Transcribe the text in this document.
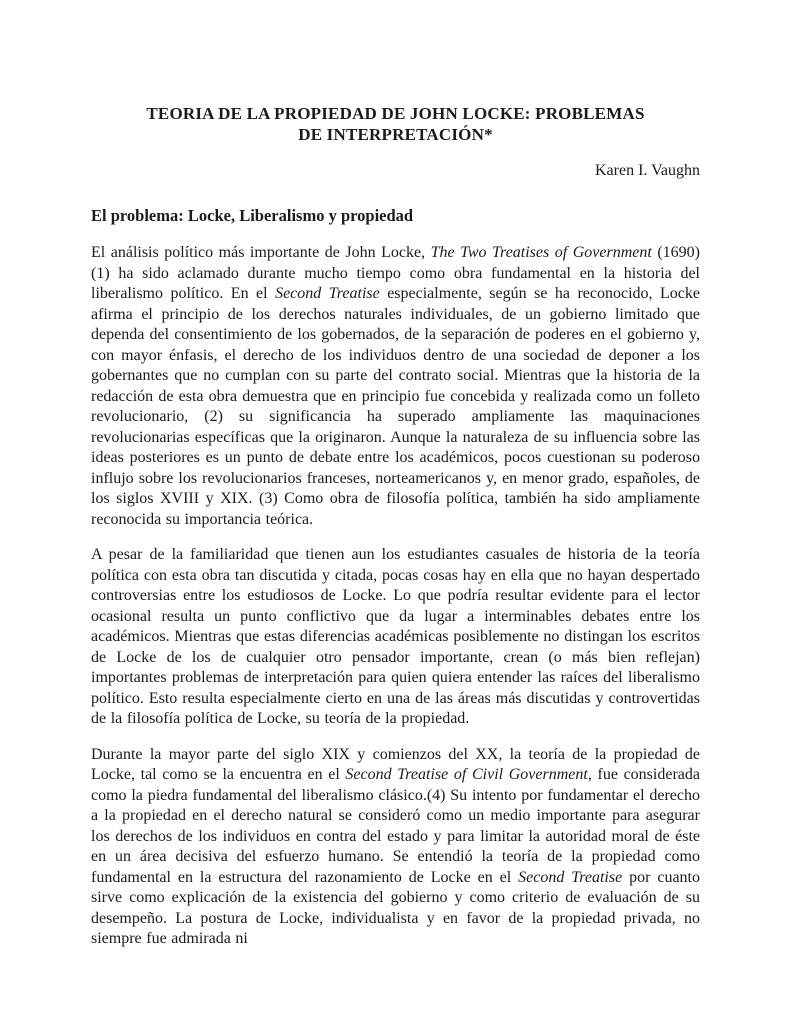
TEORIA DE LA PROPIEDAD DE JOHN LOCKE: PROBLEMAS
DE INTERPRETACIÓN*
Karen I. Vaughn
El problema: Locke, Liberalismo y propiedad

El análisis político más importante de John Locke, The Two Treatises of Government (1690) (1) ha sido aclamado durante mucho tiempo como obra fundamental en la historia del liberalismo político. En el Second Treatise especialmente, según se ha reconocido, Locke afirma el principio de los derechos naturales individuales, de un gobierno limitado que dependa del consentimiento de los gobernados, de la separación de poderes en el gobierno y, con mayor énfasis, el derecho de los individuos dentro de una sociedad de deponer a los gobernantes que no cumplan con su parte del contrato social. Mientras que la historia de la redacción de esta obra demuestra que en principio fue concebida y realizada como un folleto revolucionario, (2) su significancia ha superado ampliamente las maquinaciones revolucionarias específicas que la originaron. Aunque la naturaleza de su influencia sobre las ideas posteriores es un punto de debate entre los académicos, pocos cuestionan su poderoso influjo sobre los revolucionarios franceses, norteamericanos y, en menor grado, españoles, de los siglos XVIII y XIX. (3) Como obra de filosofía política, también ha sido ampliamente reconocida su importancia teórica.

A pesar de la familiaridad que tienen aun los estudiantes casuales de historia de la teoría política con esta obra tan discutida y citada, pocas cosas hay en ella que no hayan despertado controversias entre los estudiosos de Locke. Lo que podría resultar evidente para el lector ocasional resulta un punto conflictivo que da lugar a interminables debates entre los académicos. Mientras que estas diferencias académicas posiblemente no distingan los escritos de Locke de los de cualquier otro pensador importante, crean (o más bien reflejan) importantes problemas de interpretación para quien quiera entender las raíces del liberalismo político. Esto resulta especialmente cierto en una de las áreas más discutidas y controvertidas de la filosofía política de Locke, su teoría de la propiedad.

Durante la mayor parte del siglo XIX y comienzos del XX, la teoría de la propiedad de Locke, tal como se la encuentra en el Second Treatise of Civil Government, fue considerada como la piedra fundamental del liberalismo clásico.(4) Su intento por fundamentar el derecho a la propiedad en el derecho natural se consideró como un medio importante para asegurar los derechos de los individuos en contra del estado y para limitar la autoridad moral de éste en un área decisiva del esfuerzo humano. Se entendió la teoría de la propiedad como fundamental en la estructura del razonamiento de Locke en el Second Treatise por cuanto sirve como explicación de la existencia del gobierno y como criterio de evaluación de su desempeño. La postura de Locke, individualista y en favor de la propiedad privada, no siempre fue admirada ni
